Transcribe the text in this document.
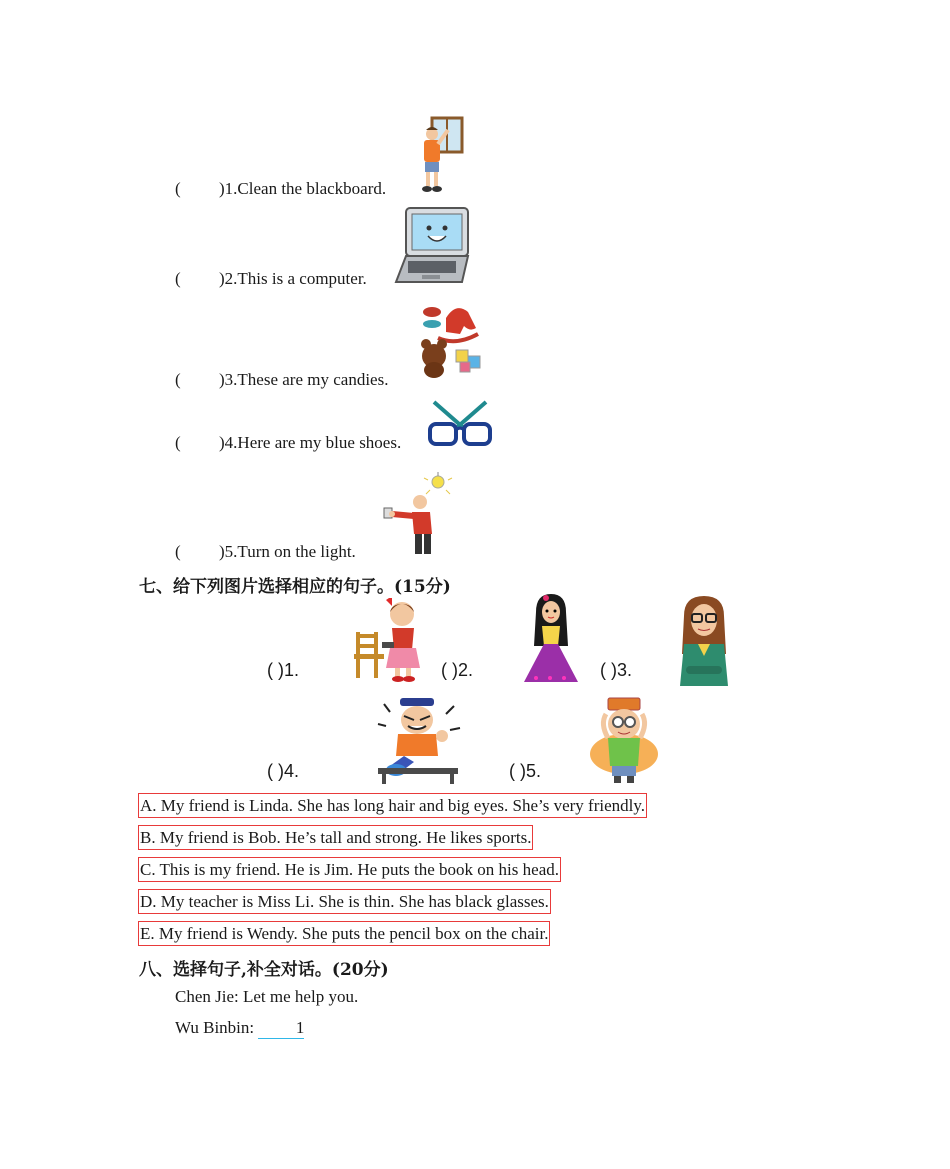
( )1.Clean the blackboard.
( )2.This is a computer.
( )3.These are my candies.
( )4.Here are my blue shoes.
( )5.Turn on the light.
七、给下列图片选择相应的句子。(15分)
( )1.	( )2.	( )3.
( )4.	( )5.
A. My friend is Linda. She has long hair and big eyes. She’s very friendly.
B. My friend is Bob. He’s tall and strong. He likes sports.
C. This is my friend. He is Jim. He puts the book on his head.
D. My teacher is Miss Li. She is thin. She has black glasses.
E. My friend is Wendy. She puts the pencil box on the chair.
八、选择句子,补全对话。(20分)
Chen Jie: Let me help you.
Wu Binbin: 1
